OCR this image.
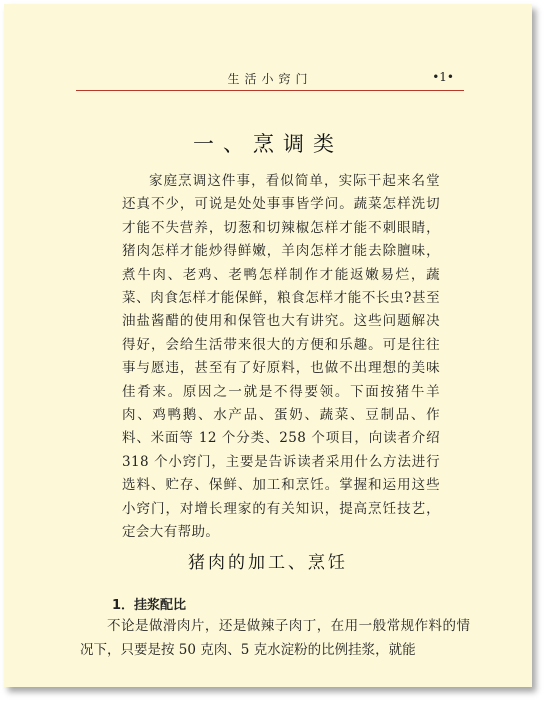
生活小窍门	•1•
一、烹调类

家庭烹调这件事，看似简单，实际干起来名堂还真不少，可说是处处事事皆学问。蔬菜怎样洗切才能不失营养，切葱和切辣椒怎样才能不刺眼睛，猪肉怎样才能炒得鲜嫩，羊肉怎样才能去除膻味，煮牛肉、老鸡、老鸭怎样制作才能返嫩易烂，蔬菜、肉食怎样才能保鲜，粮食怎样才能不长虫?甚至油盐酱醋的使用和保管也大有讲究。这些问题解决得好，会给生活带来很大的方便和乐趣。可是往往事与愿违，甚至有了好原料，也做不出理想的美味佳肴来。原因之一就是不得要领。下面按猪牛羊肉、鸡鸭鹅、水产品、蛋奶、蔬菜、豆制品、作料、米面等 12 个分类、258 个项目，向读者介绍 318 个小窍门，主要是告诉读者采用什么方法进行选料、贮存、保鲜、加工和烹饪。掌握和运用这些小窍门，对增长理家的有关知识，提高烹饪技艺，定会大有帮助。

猪肉的加工、烹饪
1．挂浆配比

不论是做滑肉片，还是做辣子肉丁，在用一般常规作料的情况下，只要是按 50 克肉、5 克水淀粉的比例挂浆，就能
